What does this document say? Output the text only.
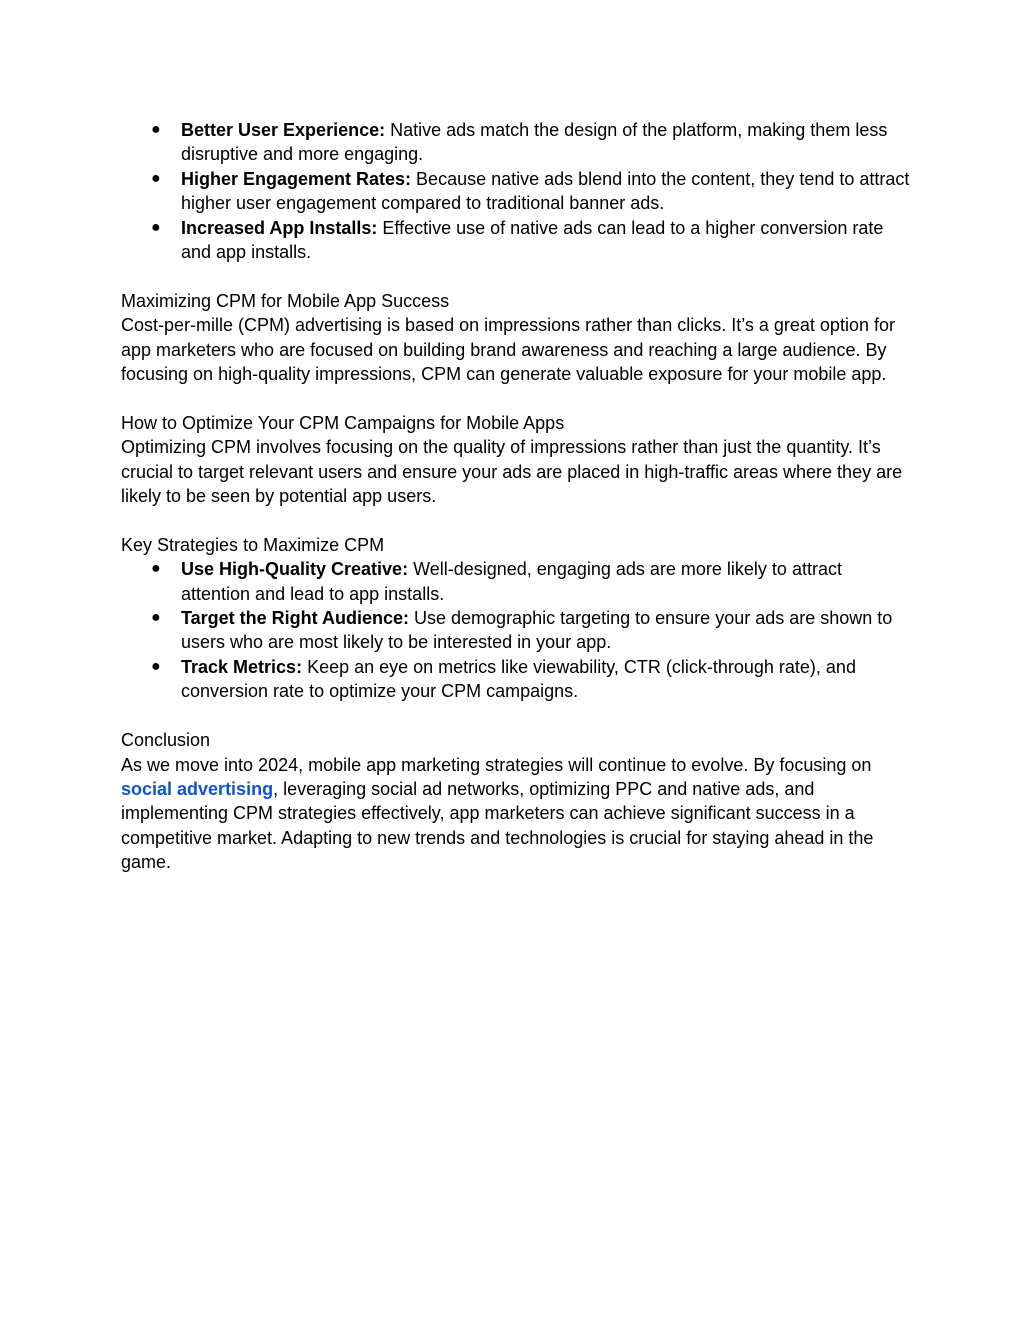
●	Better User Experience: Native ads match the design of the platform, making them less disruptive and more engaging.
●	Higher Engagement Rates: Because native ads blend into the content, they tend to attract higher user engagement compared to traditional banner ads.
●	Increased App Installs: Effective use of native ads can lead to a higher conversion rate and app installs.

Maximizing CPM for Mobile App Success

Cost-per-mille (CPM) advertising is based on impressions rather than clicks. It’s a great option for app marketers who are focused on building brand awareness and reaching a large audience. By focusing on high-quality impressions, CPM can generate valuable exposure for your mobile app.

How to Optimize Your CPM Campaigns for Mobile Apps

Optimizing CPM involves focusing on the quality of impressions rather than just the quantity. It’s crucial to target relevant users and ensure your ads are placed in high-traffic areas where they are likely to be seen by potential app users.

Key Strategies to Maximize CPM

●	Use High-Quality Creative: Well-designed, engaging ads are more likely to attract attention and lead to app installs.
●	Target the Right Audience: Use demographic targeting to ensure your ads are shown to users who are most likely to be interested in your app.
●	Track Metrics: Keep an eye on metrics like viewability, CTR (click-through rate), and conversion rate to optimize your CPM campaigns.

Conclusion

As we move into 2024, mobile app marketing strategies will continue to evolve. By focusing on social advertising, leveraging social ad networks, optimizing PPC and native ads, and implementing CPM strategies effectively, app marketers can achieve significant success in a competitive market. Adapting to new trends and technologies is crucial for staying ahead in the game.
